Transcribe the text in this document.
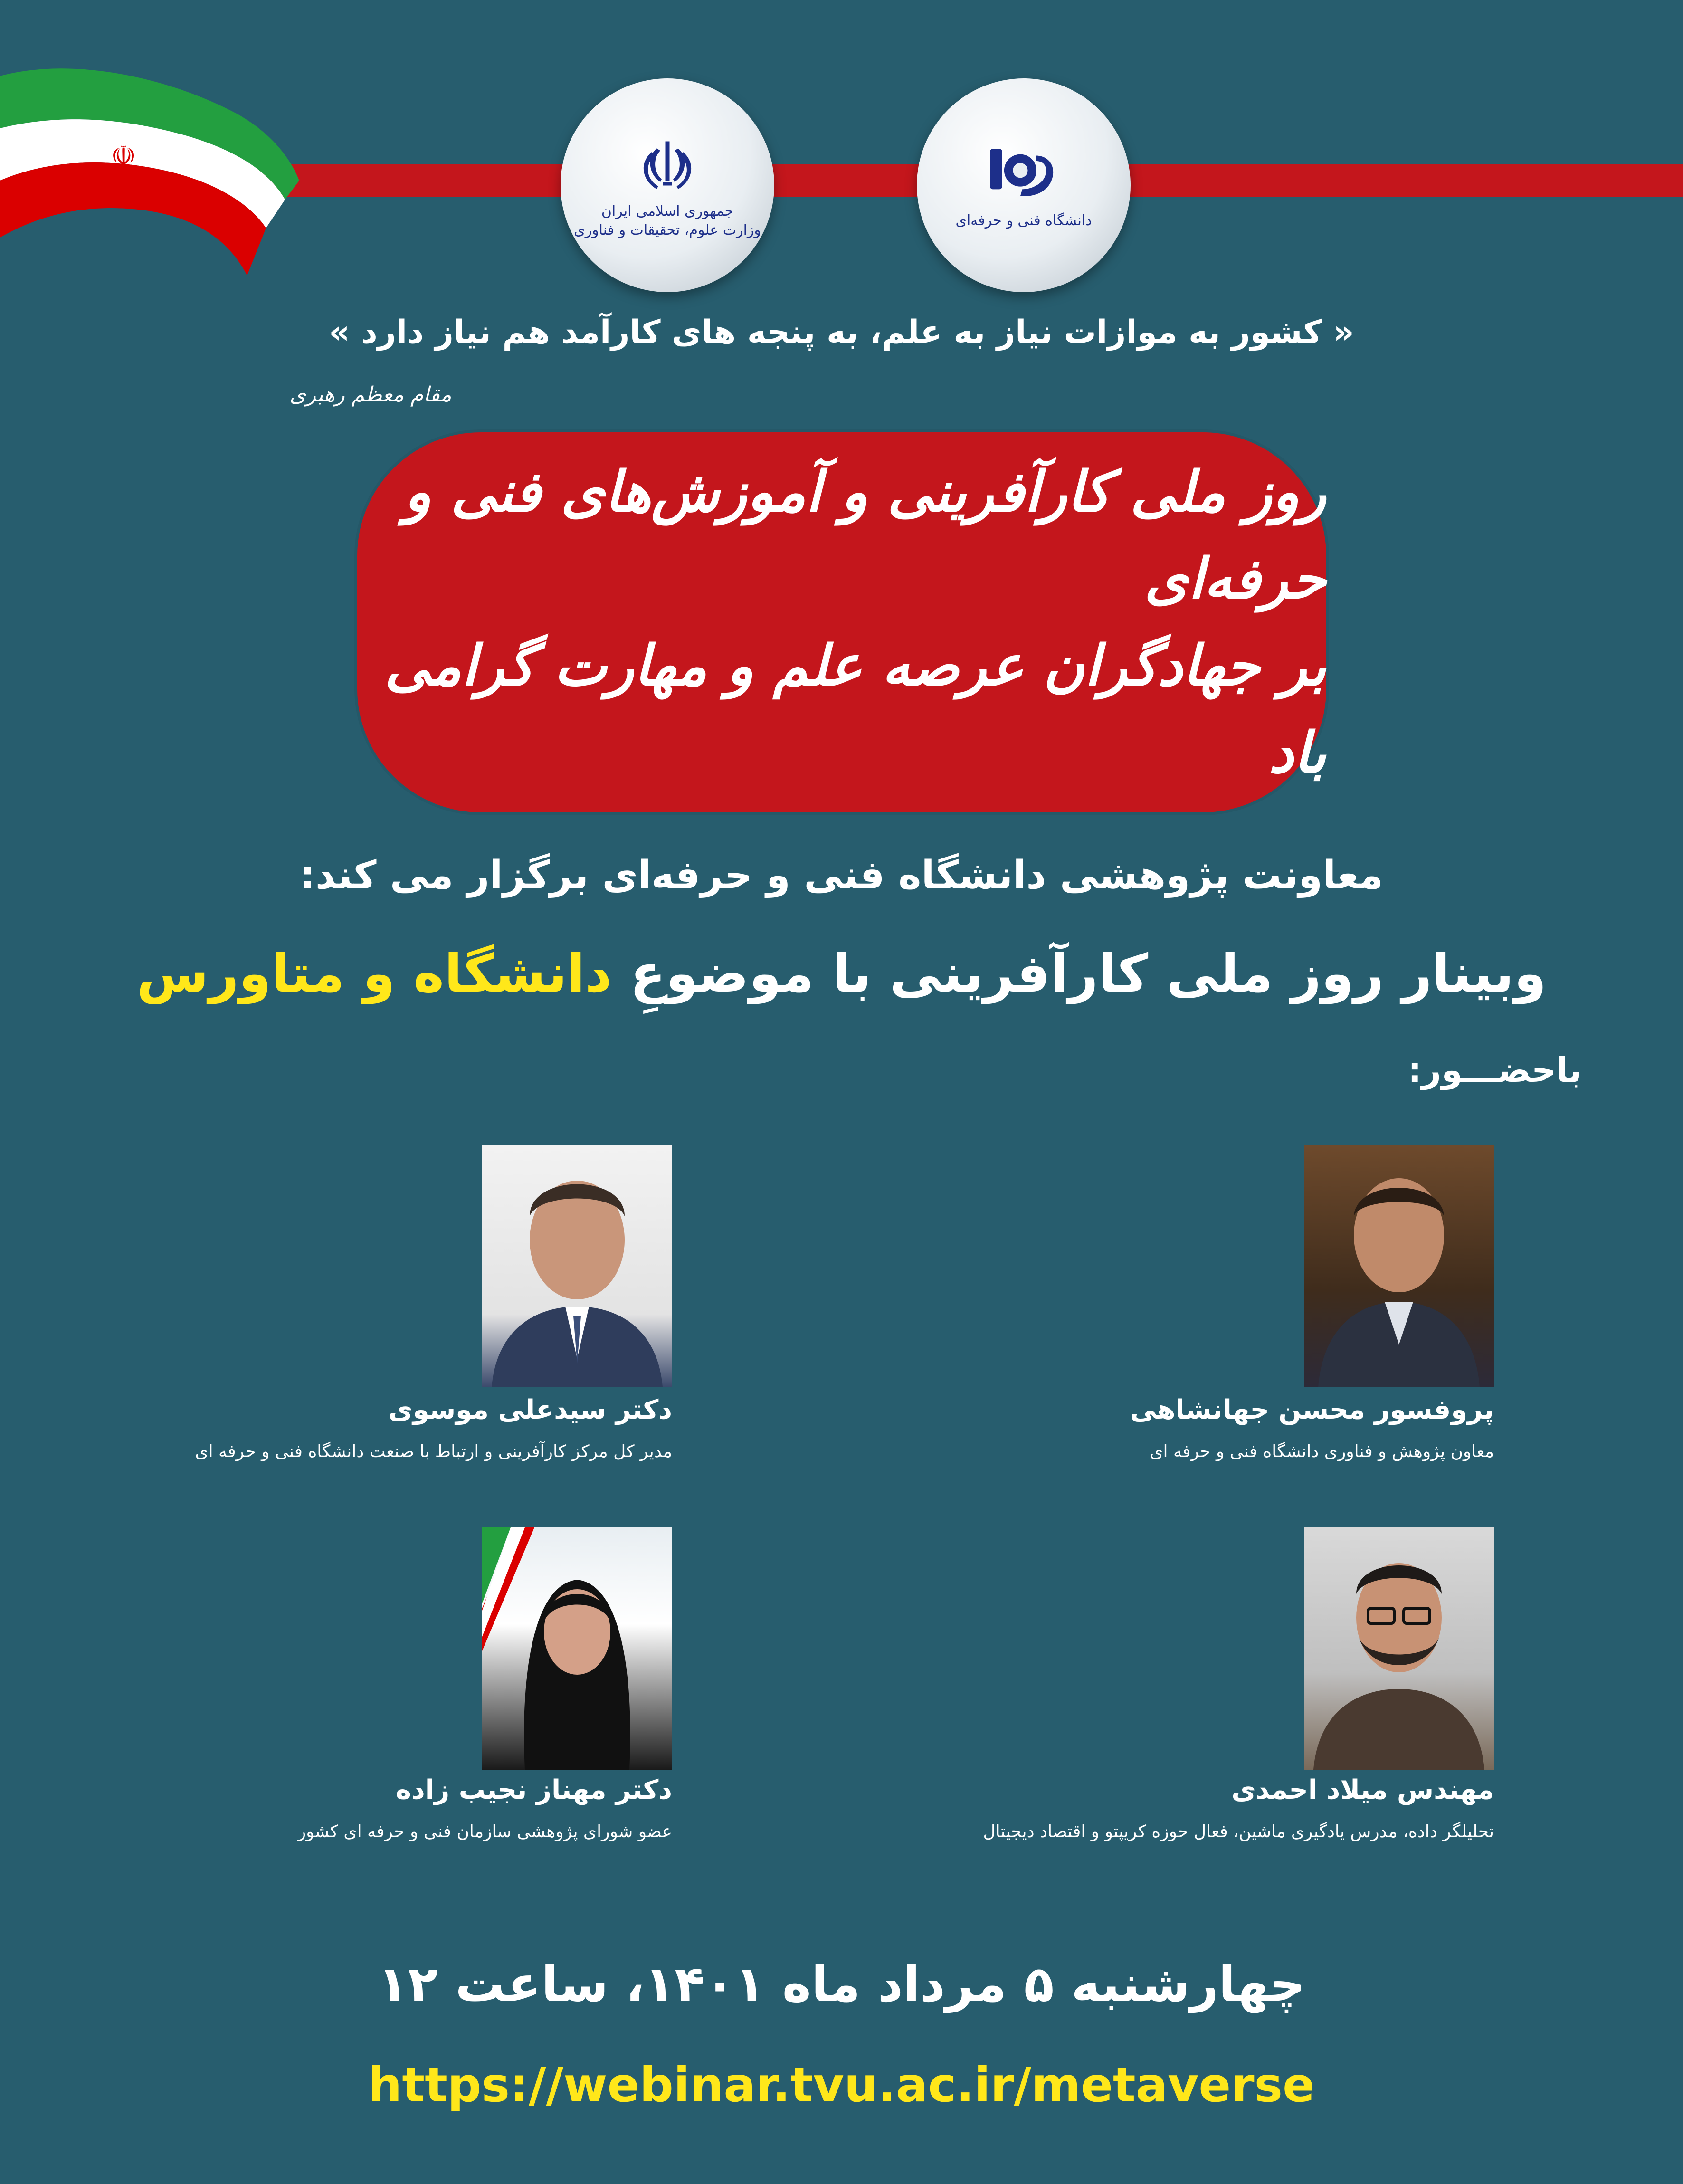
☫
جمهوری اسلامی ایران
وزارت علوم، تحقیقات و فناوری
دانشگاه فنی و حرفه‌ای
« کشور به موازات نیاز به علم، به پنجه های کارآمد هم نیاز دارد »
مقام معظم رهبری
روز ملی کارآفرینی و آموزش‌های فنی و حرفه‌ای
بر جهادگران عرصه علم و مهارت گرامی باد
معاونت پژوهشی دانشگاه فنی و حرفه‌ای برگزار می کند:
وبینار روز ملی کارآفرینی با موضوعِ دانشگاه و متاورس
باحضـــور:
پروفسور محسن جهانشاهی
معاون پژوهش و فناوری دانشگاه فنی و حرفه ای
دکتر سیدعلی موسوی
مدیر کل مرکز کارآفرینی و ارتباط با صنعت دانشگاه فنی و حرفه ای
مهندس میلاد احمدی
تحلیلگر داده، مدرس یادگیری ماشین، فعال حوزه کریپتو و اقتصاد دیجیتال
دکتر مهناز نجیب زاده
عضو شورای پژوهشی سازمان فنی و حرفه ای کشور
چهارشنبه ۵ مرداد ماه ۱۴۰۱، ساعت ۱۲
https://webinar.tvu.ac.ir/metaverse
